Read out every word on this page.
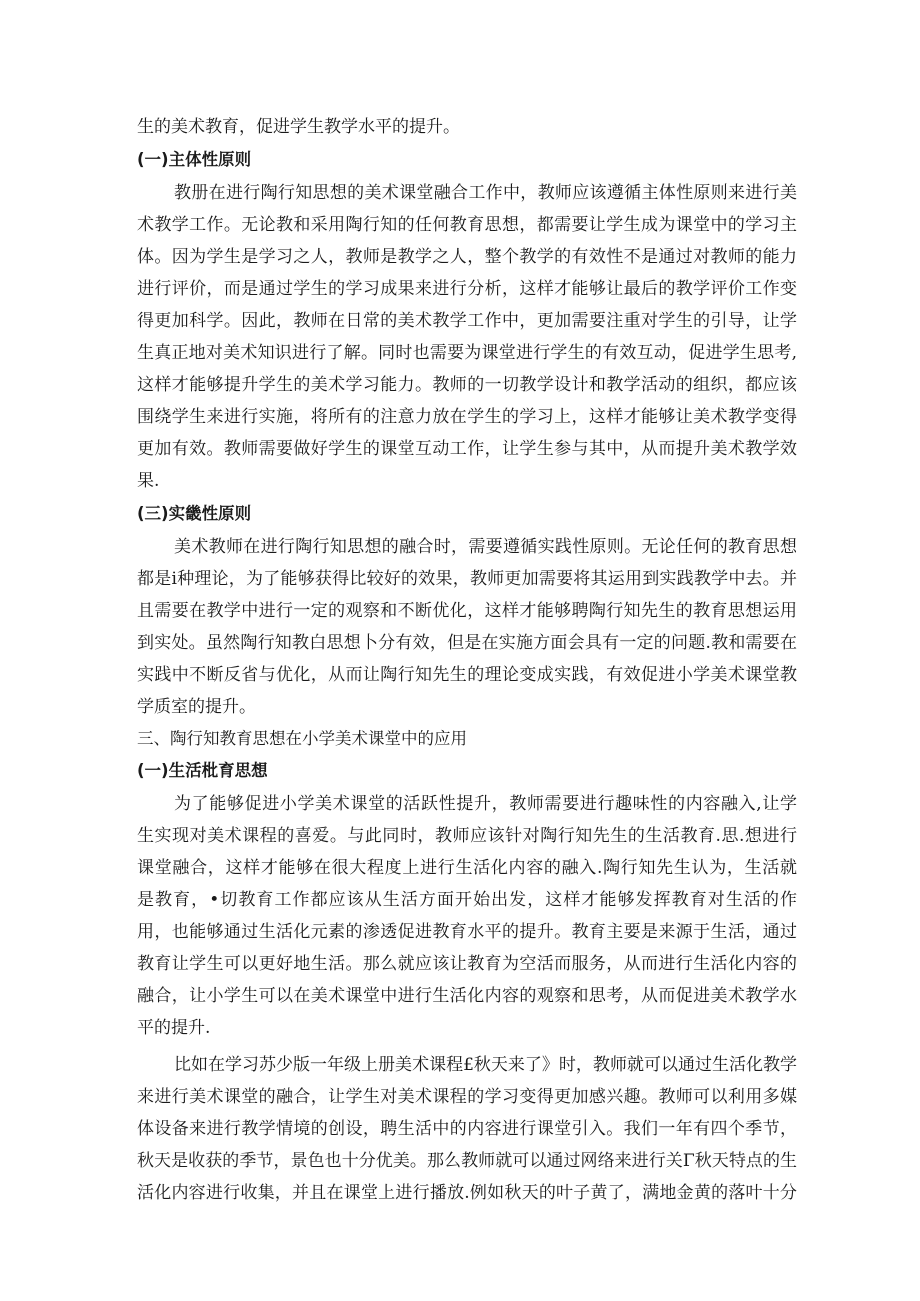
生的美术教育，促进学生教学水平的提升。
(一)主体性原则
教册在进行陶行知思想的美术课堂融合工作中，教师应该遵循主体性原则来进行美
术教学工作。无论教和采用陶行知的任何教育思想，都需要让学生成为课堂中的学习主
体。因为学生是学习之人，教师是教学之人，整个教学的有效性不是通过对教师的能力
进行评价，而是通过学生的学习成果来进行分析，这样才能够让最后的教学评价工作变
得更加科学。因此，教师在日常的美术教学工作中，更加需要注重对学生的引导，让学
生真正地对美术知识进行了解。同时也需要为课堂进行学生的有效互动，促进学生思考,
这样才能够提升学生的美术学习能力。教师的一切教学设计和教学活动的组织，都应该
围绕学生来进行实施，将所有的注意力放在学生的学习上，这样才能够让美术教学变得
更加有效。教师需要做好学生的课堂互动工作，让学生参与其中，从而提升美术教学效
果.
(三)实畿性原则
美术教师在进行陶行知思想的融合时，需要遵循实践性原则。无论任何的教育思想
都是i种理论，为了能够获得比较好的效果，教师更加需要将其运用到实践教学中去。并
且需要在教学中进行一定的观察和不断优化，这样才能够聘陶行知先生的教育思想运用
到实处。虽然陶行知教白思想卜分有效，但是在实施方面会具有一定的问题.教和需要在
实践中不断反省与优化，从而让陶行知先生的理论变成实践，有效促进小学美术课堂教
学质室的提升。
三、陶行知教育思想在小学美术课堂中的应用
(一)生活枇育思想
为了能够促进小学美术课堂的活跃性提升，教师需要进行趣味性的内容融入,让学
生实现对美术课程的喜爱。与此同时，教师应该针对陶行知先生的生活教育.思.想进行
课堂融合，这样才能够在很大程度上进行生活化内容的融入.陶行知先生认为，生活就
是教育，•切教育工作都应该从生活方面开始出发，这样才能够发挥教育对生活的作
用，也能够通过生活化元素的渗透促进教育水平的提升。教育主要是来源于生活，通过
教育让学生可以更好地生活。那么就应该让教育为空活而服务，从而进行生活化内容的
融合，让小学生可以在美术课堂中进行生活化内容的观察和思考，从而促进美术教学水
平的提升.
比如在学习苏少版一年级上册美术课程£秋天来了》时，教师就可以通过生活化教学
来进行美术课堂的融合，让学生对美术课程的学习变得更加感兴趣。教师可以利用多媒
体设备来进行教学情境的创设，聘生活中的内容进行课堂引入。我们一年有四个季节，
秋天是收获的季节，景色也十分优美。那么教师就可以通过网络来进行关Γ秋天特点的生
活化内容进行收集，并且在课堂上进行播放.例如秋天的叶子黄了，满地金黄的落叶十分
